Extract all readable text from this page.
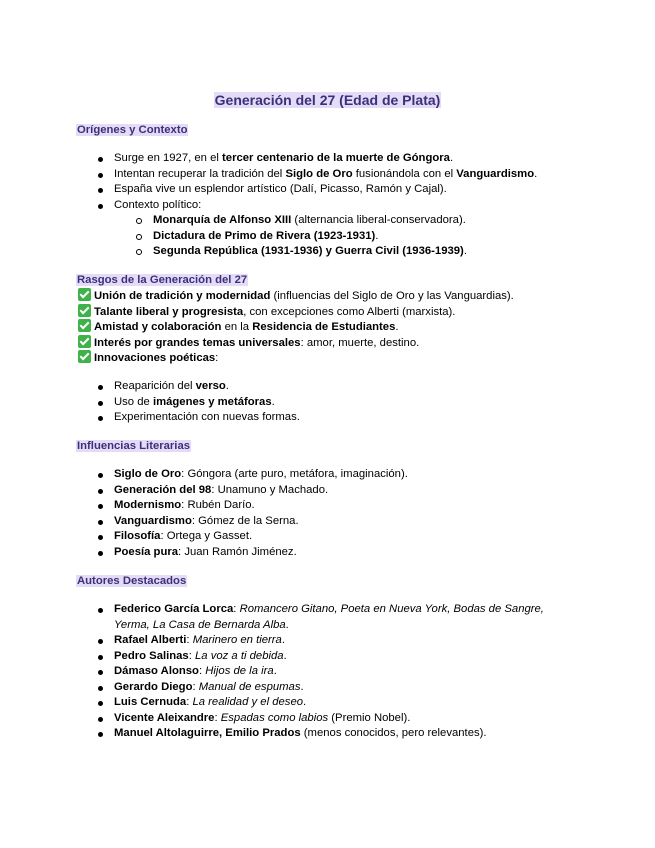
Generación del 27 (Edad de Plata)
Orígenes y Contexto
Surge en 1927, en el tercer centenario de la muerte de Góngora.
Intentan recuperar la tradición del Siglo de Oro fusionándola con el Vanguardismo.
España vive un esplendor artístico (Dalí, Picasso, Ramón y Cajal).
Contexto político:
Monarquía de Alfonso XIII (alternancia liberal-conservadora).
Dictadura de Primo de Rivera (1923-1931).
Segunda República (1931-1936) y Guerra Civil (1936-1939).
Rasgos de la Generación del 27
Unión de tradición y modernidad (influencias del Siglo de Oro y las Vanguardias).
Talante liberal y progresista, con excepciones como Alberti (marxista).
Amistad y colaboración en la Residencia de Estudiantes.
Interés por grandes temas universales: amor, muerte, destino.
Innovaciones poéticas:
Reaparición del verso.
Uso de imágenes y metáforas.
Experimentación con nuevas formas.
Influencias Literarias
Siglo de Oro: Góngora (arte puro, metáfora, imaginación).
Generación del 98: Unamuno y Machado.
Modernismo: Rubén Darío.
Vanguardismo: Gómez de la Serna.
Filosofía: Ortega y Gasset.
Poesía pura: Juan Ramón Jiménez.
Autores Destacados
Federico García Lorca: Romancero Gitano, Poeta en Nueva York, Bodas de Sangre, Yerma, La Casa de Bernarda Alba.
Rafael Alberti: Marinero en tierra.
Pedro Salinas: La voz a ti debida.
Dámaso Alonso: Hijos de la ira.
Gerardo Diego: Manual de espumas.
Luis Cernuda: La realidad y el deseo.
Vicente Aleixandre: Espadas como labios (Premio Nobel).
Manuel Altolaguirre, Emilio Prados (menos conocidos, pero relevantes).
